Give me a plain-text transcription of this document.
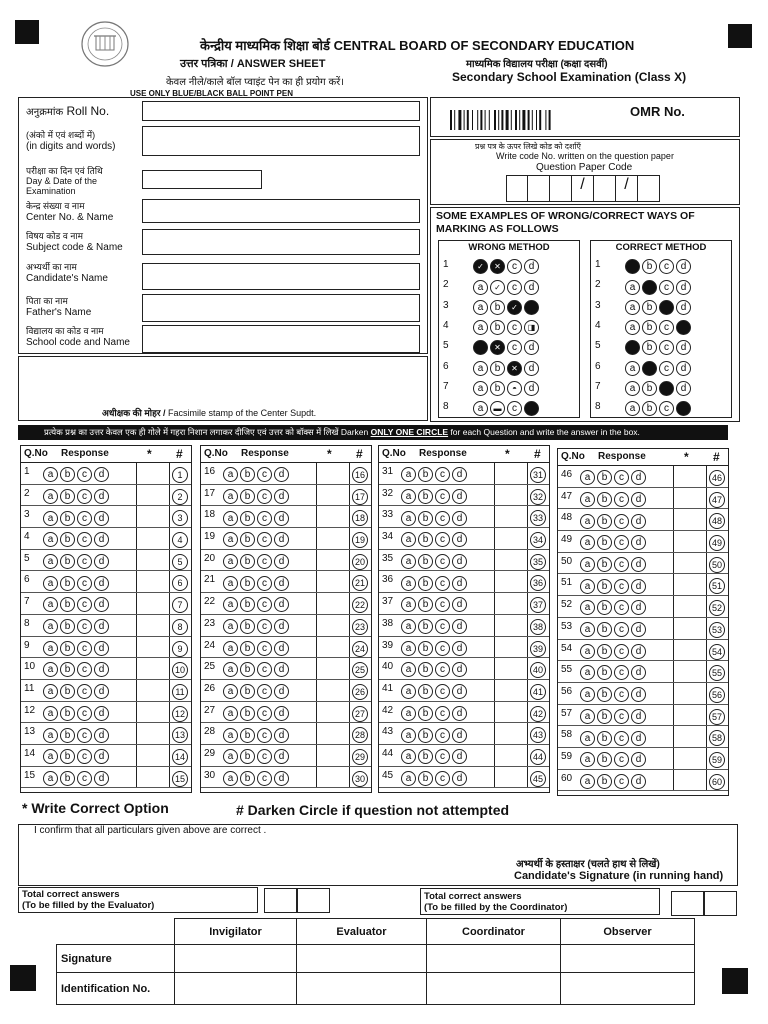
केन्द्रीय माध्यमिक शिक्षा बोर्ड CENTRAL BOARD OF SECONDARY EDUCATION
उत्तर पत्रिका / ANSWER SHEET	माध्यमिक विद्यालय परीक्षा (कक्षा दसवीं)
Secondary School Examination (Class X)
केवल नीले/काले बॉल प्वाइंट पेन का ही प्रयोग करें।
USE ONLY BLUE/BLACK BALL POINT PEN
अनुक्रमांक Roll No.
(अंको में एवं शब्दों में)
(in digits and words)
परीक्षा का दिन एवं तिथि
Day & Date of the Examination
केन्द्र संख्या व नाम
Center No. & Name
विषय कोड व नाम
Subject code & Name
अभ्यर्थी का नाम
Candidate's Name
पिता का नाम
Father's Name
विद्यालय का कोड व नाम
School code and Name
अधीक्षक की मोहर / Facsimile stamp of the Center Supdt.
OMR No.
प्रश्न पत्र के ऊपर लिखे कोड को दर्शाएँ
Write code No. written on the question paper
Question Paper Code
/	/
SOME EXAMPLES OF WRONG/CORRECT WAYS OF MARKING AS FOLLOWS
WRONG METHOD
1	✓ ✕ c d
2	a ✓ c d
3	a b ✓
4	a b c ◨
5	✕ c d
6	a b ✕ d
7	a b ◓ d
8	a ▬ c
CORRECT METHOD
1	b c d
2	a	c d
3	a b	d
4	a b c
5	b c d
6	a	c d
7	a b	d
8	a b c
प्रत्येक प्रश्न का उत्तर केवल एक ही गोले में गहरा निशान लगाकर दीजिए एवं उत्तर को बॉक्स में लिखें Darken ONLY ONE CIRCLE for each Question and write the answer in the box.
Q.No Response	* #
1	a b c d	1
2	a b c d	2
3	a b c d	3
4	a b c d	4
5	a b c d	5
6	a b c d	6
7	a b c d	7
8	a b c d	8
9	a b c d	9
10	a b c d	10
11	a b c d	11
12	a b c d	12
13	a b c d	13
14	a b c d	14
15	a b c d	15
Q.No Response	* #
16	a b c d	16
17	a b c d	17
18	a b c d	18
19	a b c d	19
20	a b c d	20
21	a b c d	21
22	a b c d	22
23	a b c d	23
24	a b c d	24
25	a b c d	25
26	a b c d	26
27	a b c d	27
28	a b c d	28
29	a b c d	29
30	a b c d	30
Q.No Response	* #
31	a b c d	31
32	a b c d	32
33	a b c d	33
34	a b c d	34
35	a b c d	35
36	a b c d	36
37	a b c d	37
38	a b c d	38
39	a b c d	39
40	a b c d	40
41	a b c d	41
42	a b c d	42
43	a b c d	43
44	a b c d	44
45	a b c d	45
Q.No Response	* #
46	a b c d	46
47	a b c d	47
48	a b c d	48
49	a b c d	49
50	a b c d	50
51	a b c d	51
52	a b c d	52
53	a b c d	53
54	a b c d	54
55	a b c d	55
56	a b c d	56
57	a b c d	57
58	a b c d	58
59	a b c d	59
60	a b c d	60
* Write Correct Option	# Darken Circle if question not attempted
I confirm that all particulars given above are correct .
अभ्यर्थी के हस्ताक्षर (चलते हाथ से लिखें)
Candidate's Signature (in running hand)
Total correct answers
(To be filled by the Evaluator)
Total correct answers
(To be filled by the Coordinator)
	Invigilator	Evaluator	Coordinator	Observer
Signature				
Identification No.				
